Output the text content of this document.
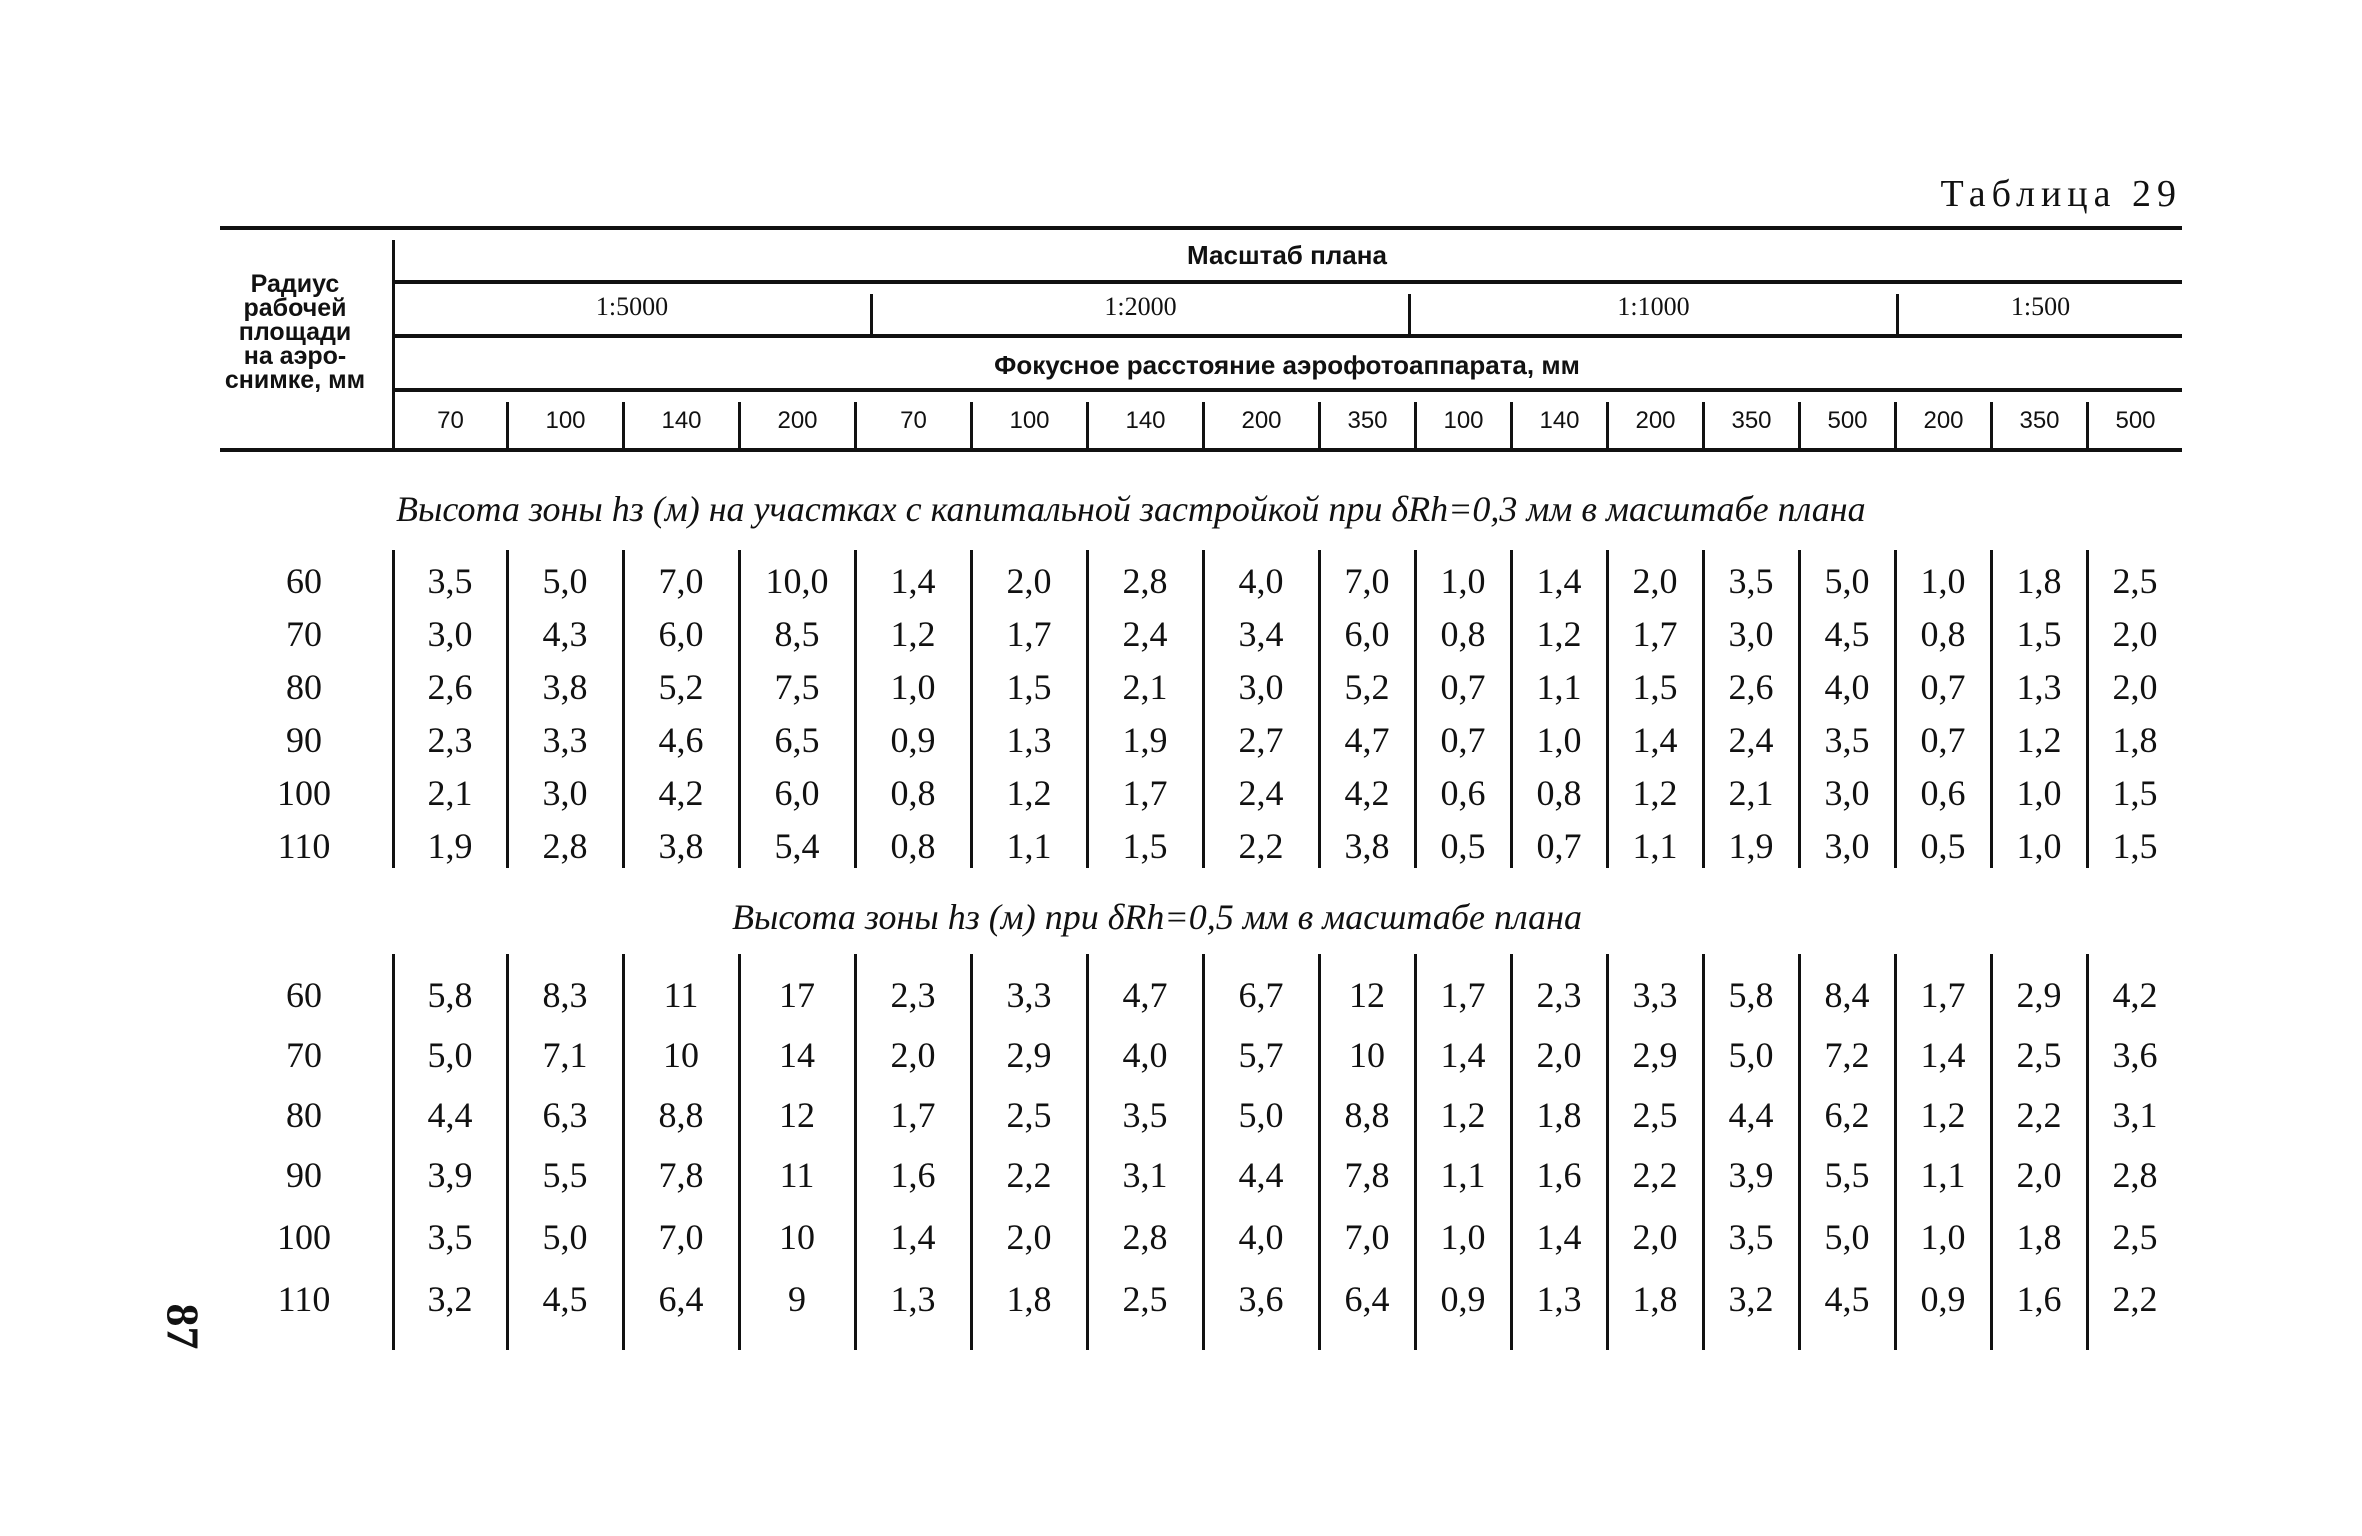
Таблица 29
Радиус
рабочей
площади
на аэро-
снимке, мм
Масштаб плана
1:5000	1:2000	1:1000	1:500
Фокусное расстояние аэрофотоаппарата, мм
70	100	140	200	70	100	140	200	350	100	140	200	350	500	200	350	500
Высота зоны hз (м) на участках с капитальной застройкой при δRh=0,3 мм в масштабе плана
60	3,5	5,0	7,0	10,0	1,4	2,0	2,8	4,0	7,0	1,0	1,4	2,0	3,5	5,0	1,0	1,8	2,5
70	3,0	4,3	6,0	8,5	1,2	1,7	2,4	3,4	6,0	0,8	1,2	1,7	3,0	4,5	0,8	1,5	2,0
80	2,6	3,8	5,2	7,5	1,0	1,5	2,1	3,0	5,2	0,7	1,1	1,5	2,6	4,0	0,7	1,3	2,0
90	2,3	3,3	4,6	6,5	0,9	1,3	1,9	2,7	4,7	0,7	1,0	1,4	2,4	3,5	0,7	1,2	1,8
100	2,1	3,0	4,2	6,0	0,8	1,2	1,7	2,4	4,2	0,6	0,8	1,2	2,1	3,0	0,6	1,0	1,5
110	1,9	2,8	3,8	5,4	0,8	1,1	1,5	2,2	3,8	0,5	0,7	1,1	1,9	3,0	0,5	1,0	1,5
Высота зоны hз (м) при δRh=0,5 мм в масштабе плана
60	5,8	8,3	11	17	2,3	3,3	4,7	6,7	12	1,7	2,3	3,3	5,8	8,4	1,7	2,9	4,2
70	5,0	7,1	10	14	2,0	2,9	4,0	5,7	10	1,4	2,0	2,9	5,0	7,2	1,4	2,5	3,6
80	4,4	6,3	8,8	12	1,7	2,5	3,5	5,0	8,8	1,2	1,8	2,5	4,4	6,2	1,2	2,2	3,1
90	3,9	5,5	7,8	11	1,6	2,2	3,1	4,4	7,8	1,1	1,6	2,2	3,9	5,5	1,1	2,0	2,8
100	3,5	5,0	7,0	10	1,4	2,0	2,8	4,0	7,0	1,0	1,4	2,0	3,5	5,0	1,0	1,8	2,5
110	3,2	4,5	6,4	9	1,3	1,8	2,5	3,6	6,4	0,9	1,3	1,8	3,2	4,5	0,9	1,6	2,2
87
